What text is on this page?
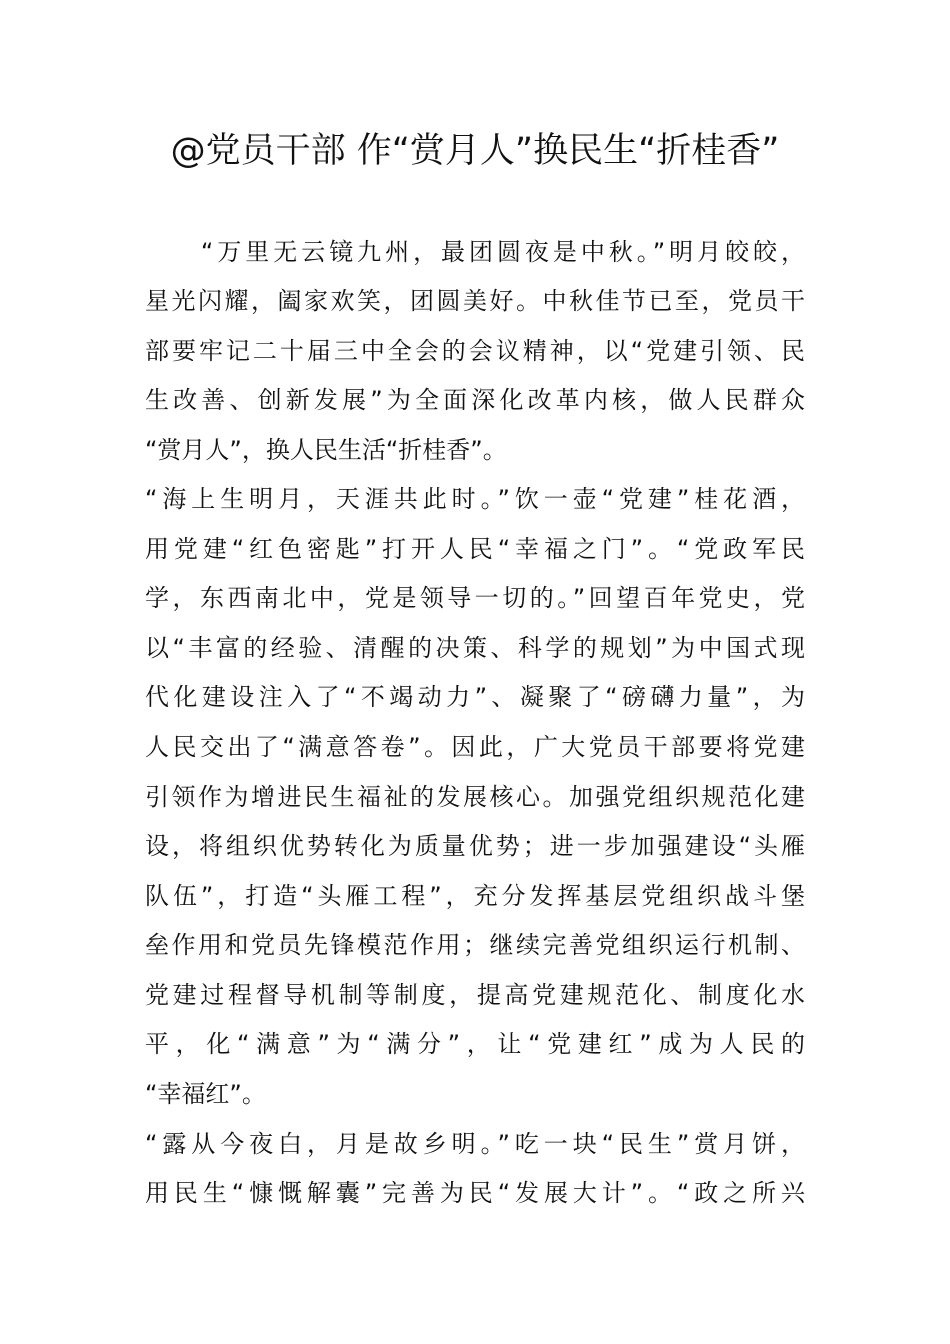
@党员干部 作“赏月人”换民生“折桂香”
　　“万里无云镜九州，最团圆夜是中秋。”明月皎皎，
星光闪耀，阖家欢笑，团圆美好。中秋佳节已至，党员干
部要牢记二十届三中全会的会议精神，以“党建引领、民
生改善、创新发展”为全面深化改革内核，做人民群众
“赏月人”，换人民生活“折桂香”。
“海上生明月，天涯共此时。”饮一壶“党建”桂花酒，
用党建“红色密匙”打开人民“幸福之门”。“党政军民
学，东西南北中，党是领导一切的。”回望百年党史，党
以“丰富的经验、清醒的决策、科学的规划”为中国式现
代化建设注入了“不竭动力”、凝聚了“磅礴力量”，为
人民交出了“满意答卷”。因此，广大党员干部要将党建
引领作为增进民生福祉的发展核心。加强党组织规范化建
设，将组织优势转化为质量优势；进一步加强建设“头雁
队伍”，打造“头雁工程”，充分发挥基层党组织战斗堡
垒作用和党员先锋模范作用；继续完善党组织运行机制、
党建过程督导机制等制度，提高党建规范化、制度化水
平，化“满意”为“满分”，让“党建红”成为人民的
“幸福红”。
“露从今夜白，月是故乡明。”吃一块“民生”赏月饼，
用民生“慷慨解囊”完善为民“发展大计”。“政之所兴
